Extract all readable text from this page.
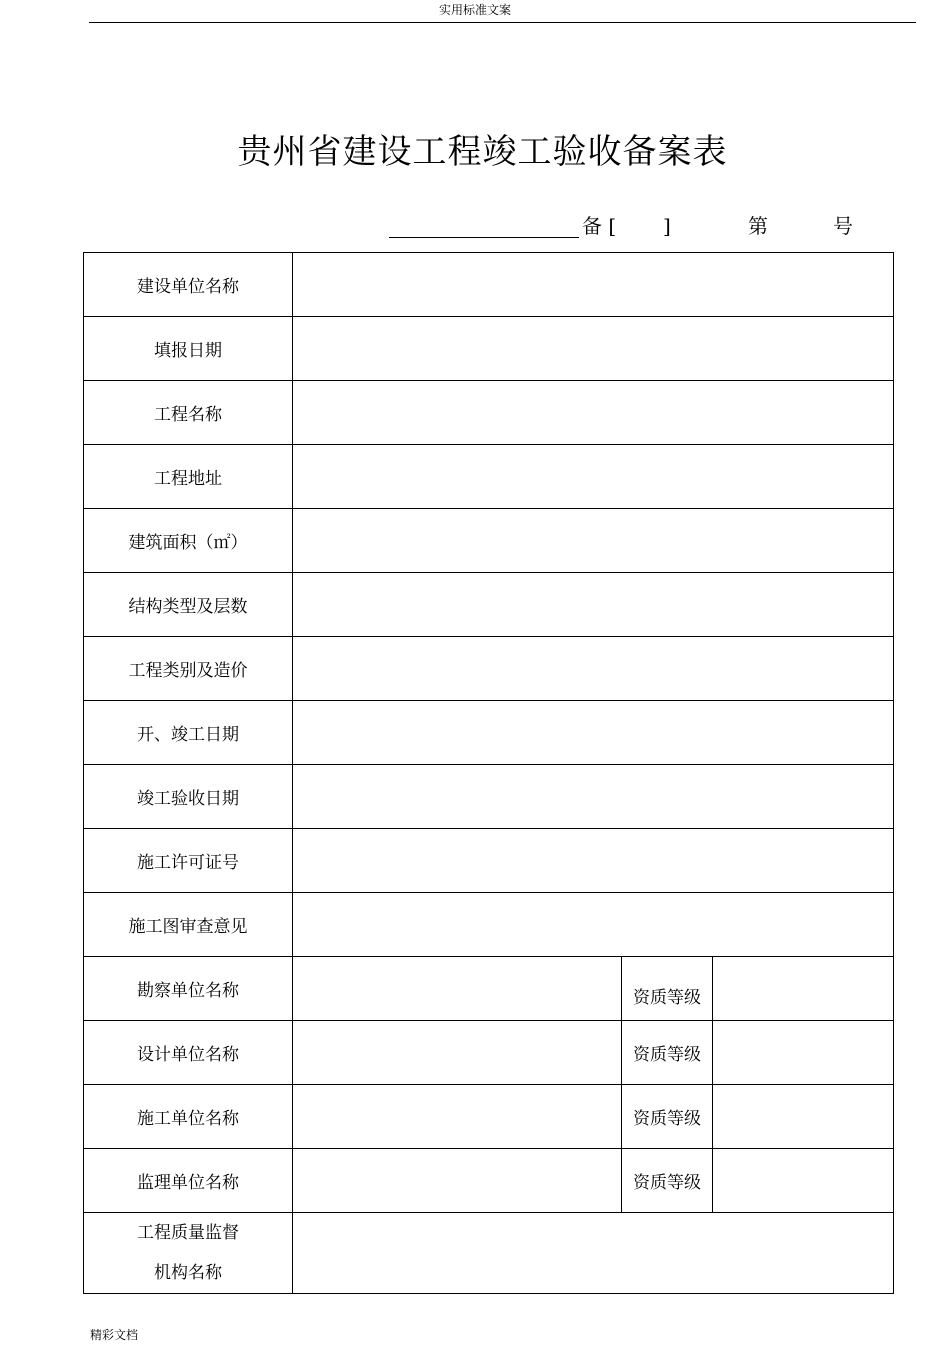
实用标准文案
贵州省建设工程竣工验收备案表
备 [ ]	第	号
建设单位名称			
填报日期			
工程名称			
工程地址			
建筑面积（㎡）			
结构类型及层数			
工程类别及造价			
开、竣工日期			
竣工验收日期			
施工许可证号			
施工图审查意见			
勘察单位名称		资质等级	
设计单位名称		资质等级	
施工单位名称		资质等级	
监理单位名称		资质等级	

工程质量监督
机构名称			

精彩文档
